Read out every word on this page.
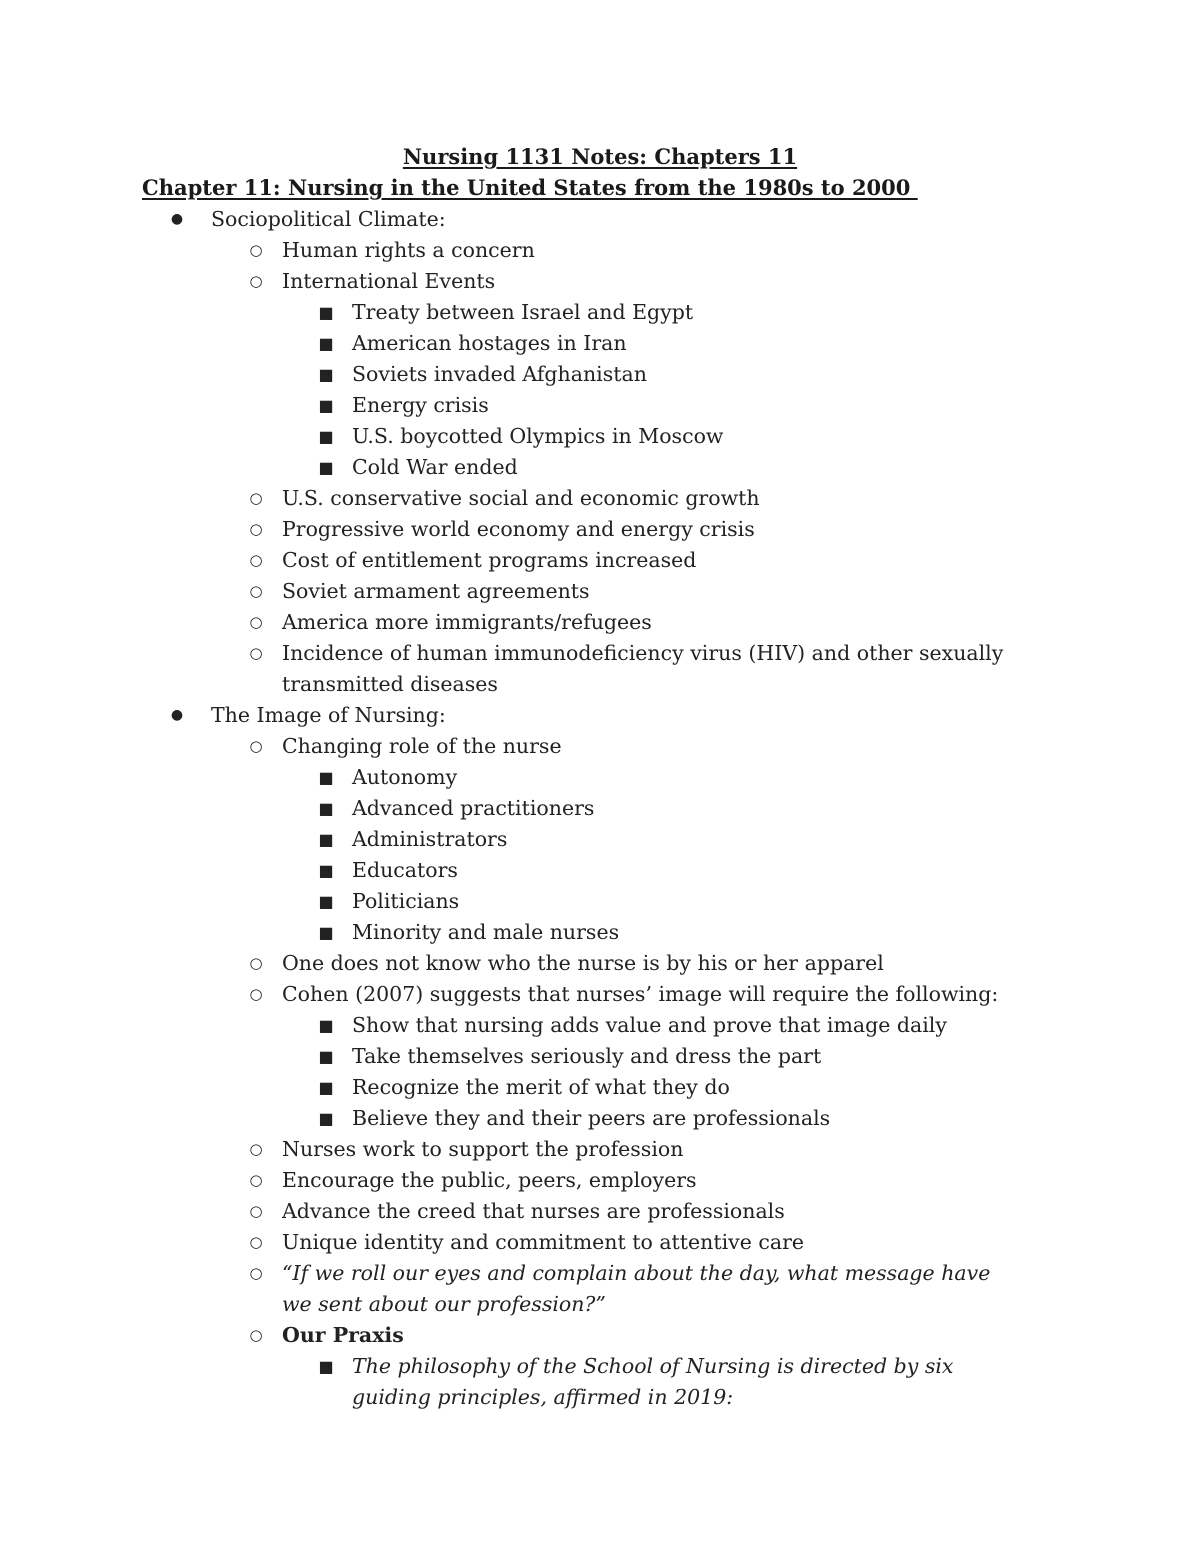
Nursing 1131 Notes: Chapters 11
Chapter 11: Nursing in the United States from the 1980s to 2000
● Sociopolitical Climate:
○ Human rights a concern
○ International Events
■ Treaty between Israel and Egypt
■ American hostages in Iran
■ Soviets invaded Afghanistan
■ Energy crisis
■ U.S. boycotted Olympics in Moscow
■ Cold War ended
○ U.S. conservative social and economic growth
○ Progressive world economy and energy crisis
○ Cost of entitlement programs increased
○ Soviet armament agreements
○ America more immigrants/refugees
○ Incidence of human immunodeficiency virus (HIV) and other sexually transmitted diseases
● The Image of Nursing:
○ Changing role of the nurse
■ Autonomy
■ Advanced practitioners
■ Administrators
■ Educators
■ Politicians
■ Minority and male nurses
○ One does not know who the nurse is by his or her apparel
○ Cohen (2007) suggests that nurses’ image will require the following:
■ Show that nursing adds value and prove that image daily
■ Take themselves seriously and dress the part
■ Recognize the merit of what they do
■ Believe they and their peers are professionals
○ Nurses work to support the profession
○ Encourage the public, peers, employers
○ Advance the creed that nurses are professionals
○ Unique identity and commitment to attentive care
○ “If we roll our eyes and complain about the day, what message have we sent about our profession?”
○ Our Praxis
■ The philosophy of the School of Nursing is directed by six guiding principles, affirmed in 2019:
